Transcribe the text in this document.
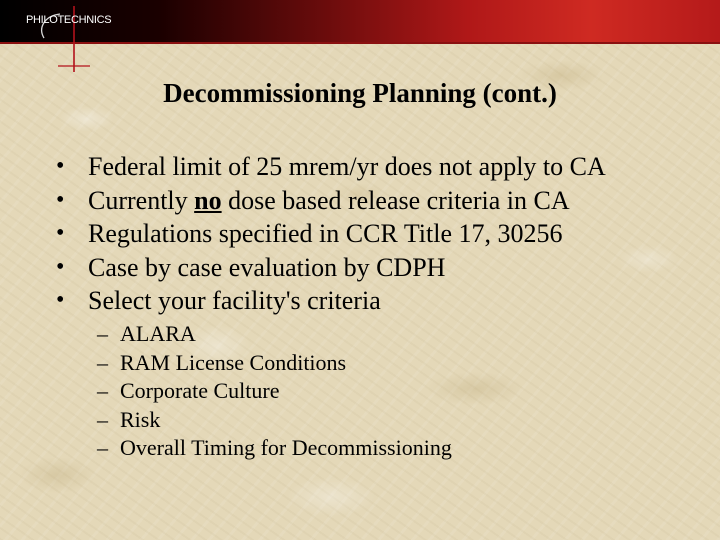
PHILOTECHNICS
Decommissioning Planning (cont.)
• Federal limit of 25 mrem/yr does not apply to CA
• Currently no dose based release criteria in CA
• Regulations specified in CCR Title 17, 30256
• Case by case evaluation by CDPH
• Select your facility's criteria
– ALARA
– RAM License Conditions
– Corporate Culture
– Risk
– Overall Timing for Decommissioning
